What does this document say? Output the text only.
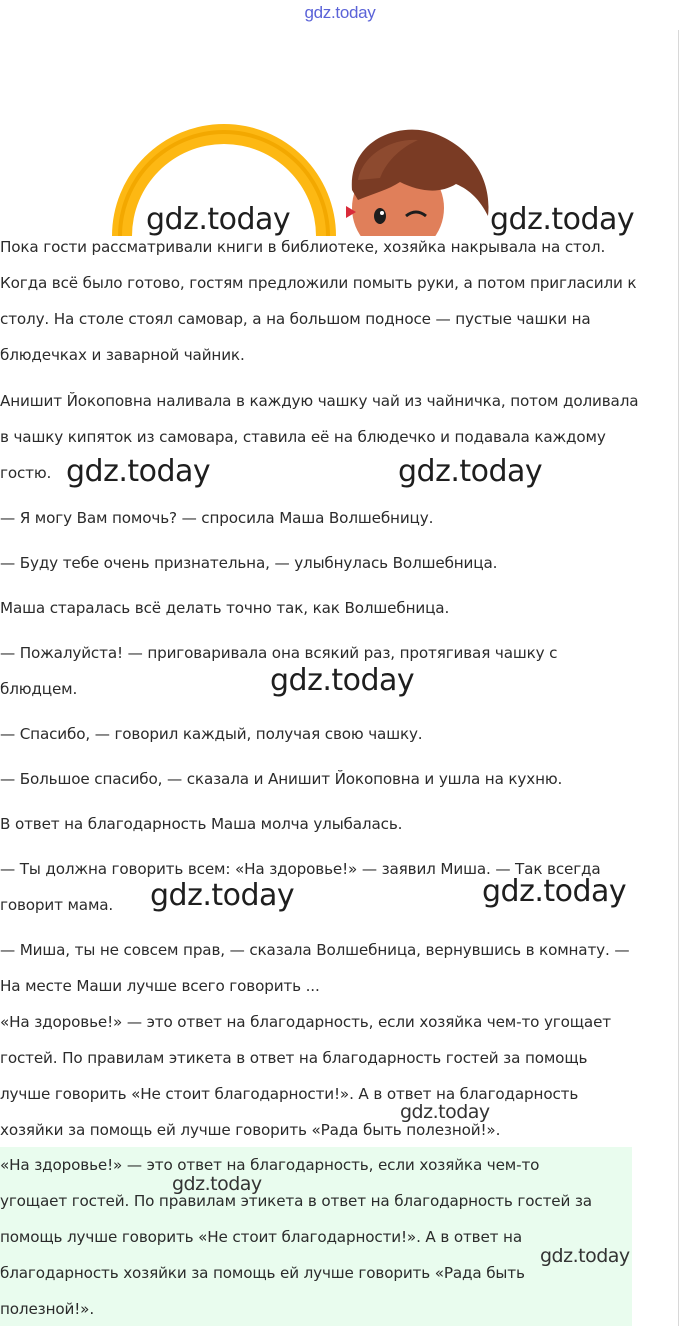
gdz.today
Пока гости рассматривали книги в библиотеке, хозяйка накрывала на стол.
Когда всё было готово, гостям предложили помыть руки, а потом пригласили к
столу. На столе стоял самовар, а на большом подносе — пустые чашки на
блюдечках и заварной чайник.
Анишит Йокоповна наливала в каждую чашку чай из чайничка, потом доливала
в чашку кипяток из самовара, ставила её на блюдечко и подавала каждому
гостю.
— Я могу Вам помочь? — спросила Маша Волшебницу.
— Буду тебе очень признательна, — улыбнулась Волшебница.
Маша старалась всё делать точно так, как Волшебница.
— Пожалуйста! — приговаривала она всякий раз, протягивая чашку с
блюдцем.
— Спасибо, — говорил каждый, получая свою чашку.
— Большое спасибо, — сказала и Анишит Йокоповна и ушла на кухню.
В ответ на благодарность Маша молча улыбалась.
— Ты должна говорить всем: «На здоровье!» — заявил Миша. — Так всегда
говорит мама.
— Миша, ты не совсем прав, — сказала Волшебница, вернувшись в комнату. —
На месте Маши лучше всего говорить ...
«На здоровье!» — это ответ на благодарность, если хозяйка чем-то угощает
гостей. По правилам этикета в ответ на благодарность гостей за помощь
лучше говорить «Не стоит благодарности!». А в ответ на благодарность
хозяйки за помощь ей лучше говорить «Рада быть полезной!».
«На здоровье!» — это ответ на благодарность, если хозяйка чем-то
угощает гостей. По правилам этикета в ответ на благодарность гостей за
помощь лучше говорить «Не стоит благодарности!». А в ответ на
благодарность хозяйки за помощь ей лучше говорить «Рада быть
полезной!».
gdz.today	gdz.today
gdz.today	gdz.today
gdz.today
gdz.today	gdz.today
gdz.today
gdz.today
gdz.today
